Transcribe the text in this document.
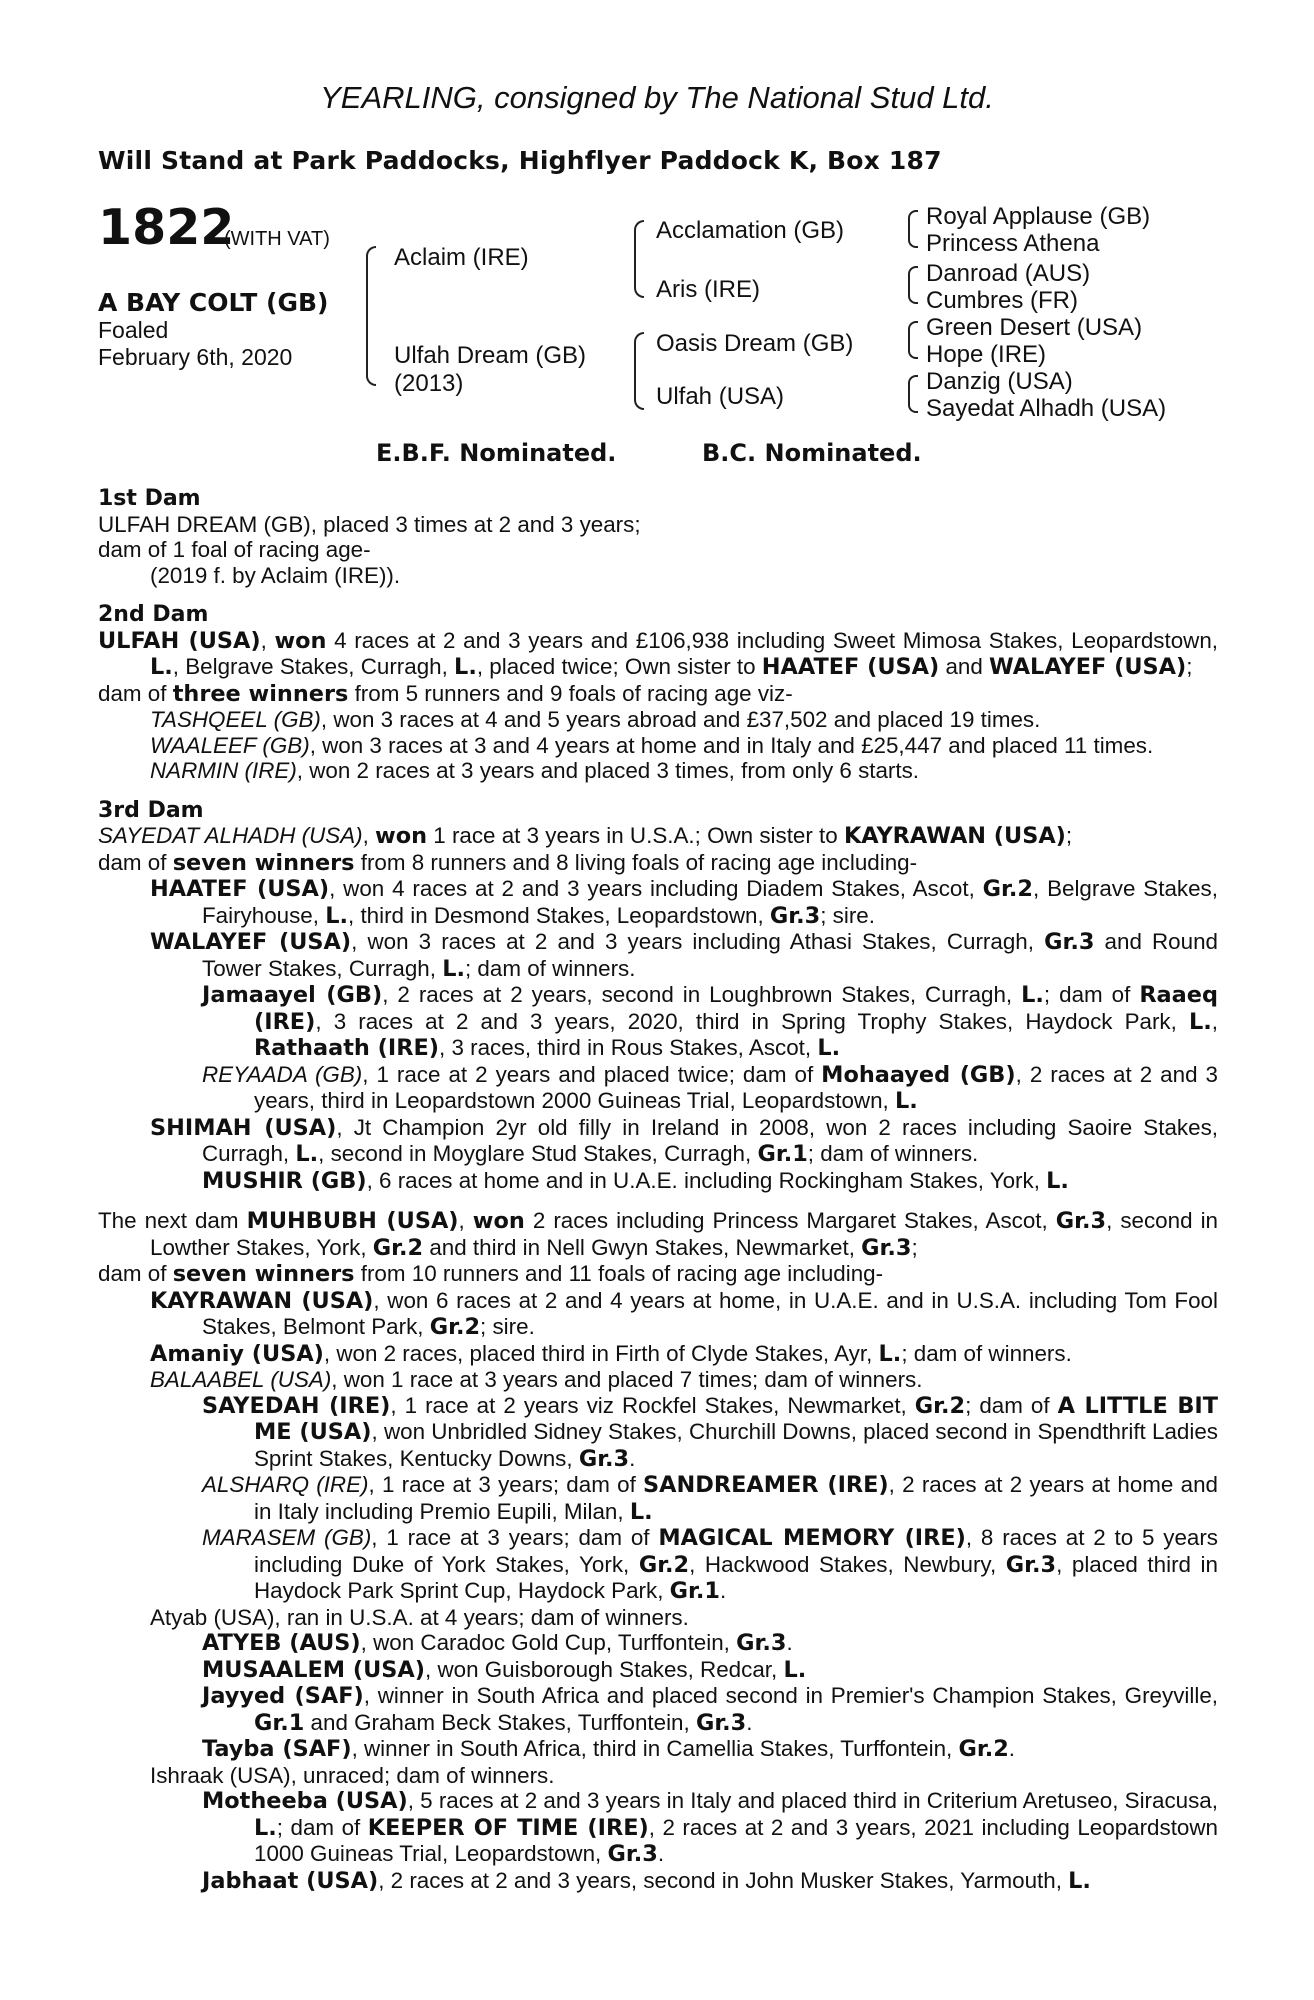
YEARLING, consigned by The National Stud Ltd.
Will Stand at Park Paddocks, Highflyer Paddock K, Box 187
1822
(WITH VAT)
A BAY COLT (GB)
Foaled
February 6th, 2020
Aclaim (IRE)
Ulfah Dream (GB)
(2013)
Acclamation (GB)
Aris (IRE)
Oasis Dream (GB)
Ulfah (USA)
Royal Applause (GB)
Princess Athena
Danroad (AUS)
Cumbres (FR)
Green Desert (USA)
Hope (IRE)
Danzig (USA)
Sayedat Alhadh (USA)
E.B.F. Nominated.	B.C. Nominated.
1st Dam
ULFAH DREAM (GB), placed 3 times at 2 and 3 years;
dam of 1 foal of racing age-
(2019 f. by Aclaim (IRE)).
2nd Dam
ULFAH (USA), won 4 races at 2 and 3 years and £106,938 including Sweet Mimosa Stakes, Leopardstown, L., Belgrave Stakes, Curragh, L., placed twice; Own sister to HAATEF (USA) and WALAYEF (USA);
dam of three winners from 5 runners and 9 foals of racing age viz-
TASHQEEL (GB), won 3 races at 4 and 5 years abroad and £37,502 and placed 19 times.
WAALEEF (GB), won 3 races at 3 and 4 years at home and in Italy and £25,447 and placed 11 times.
NARMIN (IRE), won 2 races at 3 years and placed 3 times, from only 6 starts.
3rd Dam
SAYEDAT ALHADH (USA), won 1 race at 3 years in U.S.A.; Own sister to KAYRAWAN (USA);
dam of seven winners from 8 runners and 8 living foals of racing age including-
HAATEF (USA), won 4 races at 2 and 3 years including Diadem Stakes, Ascot, Gr.2, Belgrave Stakes, Fairyhouse, L., third in Desmond Stakes, Leopardstown, Gr.3; sire.
WALAYEF (USA), won 3 races at 2 and 3 years including Athasi Stakes, Curragh, Gr.3 and Round Tower Stakes, Curragh, L.; dam of winners.
Jamaayel (GB), 2 races at 2 years, second in Loughbrown Stakes, Curragh, L.; dam of Raaeq (IRE), 3 races at 2 and 3 years, 2020, third in Spring Trophy Stakes, Haydock Park, L., Rathaath (IRE), 3 races, third in Rous Stakes, Ascot, L.
REYAADA (GB), 1 race at 2 years and placed twice; dam of Mohaayed (GB), 2 races at 2 and 3 years, third in Leopardstown 2000 Guineas Trial, Leopardstown, L.
SHIMAH (USA), Jt Champion 2yr old filly in Ireland in 2008, won 2 races including Saoire Stakes, Curragh, L., second in Moyglare Stud Stakes, Curragh, Gr.1; dam of winners.
MUSHIR (GB), 6 races at home and in U.A.E. including Rockingham Stakes, York, L.
The next dam MUHBUBH (USA), won 2 races including Princess Margaret Stakes, Ascot, Gr.3, second in Lowther Stakes, York, Gr.2 and third in Nell Gwyn Stakes, Newmarket, Gr.3;
dam of seven winners from 10 runners and 11 foals of racing age including-
KAYRAWAN (USA), won 6 races at 2 and 4 years at home, in U.A.E. and in U.S.A. including Tom Fool Stakes, Belmont Park, Gr.2; sire.
Amaniy (USA), won 2 races, placed third in Firth of Clyde Stakes, Ayr, L.; dam of winners.
BALAABEL (USA), won 1 race at 3 years and placed 7 times; dam of winners.
SAYEDAH (IRE), 1 race at 2 years viz Rockfel Stakes, Newmarket, Gr.2; dam of A LITTLE BIT ME (USA), won Unbridled Sidney Stakes, Churchill Downs, placed second in Spendthrift Ladies Sprint Stakes, Kentucky Downs, Gr.3.
ALSHARQ (IRE), 1 race at 3 years; dam of SANDREAMER (IRE), 2 races at 2 years at home and in Italy including Premio Eupili, Milan, L.
MARASEM (GB), 1 race at 3 years; dam of MAGICAL MEMORY (IRE), 8 races at 2 to 5 years including Duke of York Stakes, York, Gr.2, Hackwood Stakes, Newbury, Gr.3, placed third in Haydock Park Sprint Cup, Haydock Park, Gr.1.
Atyab (USA), ran in U.S.A. at 4 years; dam of winners.
ATYEB (AUS), won Caradoc Gold Cup, Turffontein, Gr.3.
MUSAALEM (USA), won Guisborough Stakes, Redcar, L.
Jayyed (SAF), winner in South Africa and placed second in Premier's Champion Stakes, Greyville, Gr.1 and Graham Beck Stakes, Turffontein, Gr.3.
Tayba (SAF), winner in South Africa, third in Camellia Stakes, Turffontein, Gr.2.
Ishraak (USA), unraced; dam of winners.
Motheeba (USA), 5 races at 2 and 3 years in Italy and placed third in Criterium Aretuseo, Siracusa, L.; dam of KEEPER OF TIME (IRE), 2 races at 2 and 3 years, 2021 including Leopardstown 1000 Guineas Trial, Leopardstown, Gr.3.
Jabhaat (USA), 2 races at 2 and 3 years, second in John Musker Stakes, Yarmouth, L.
